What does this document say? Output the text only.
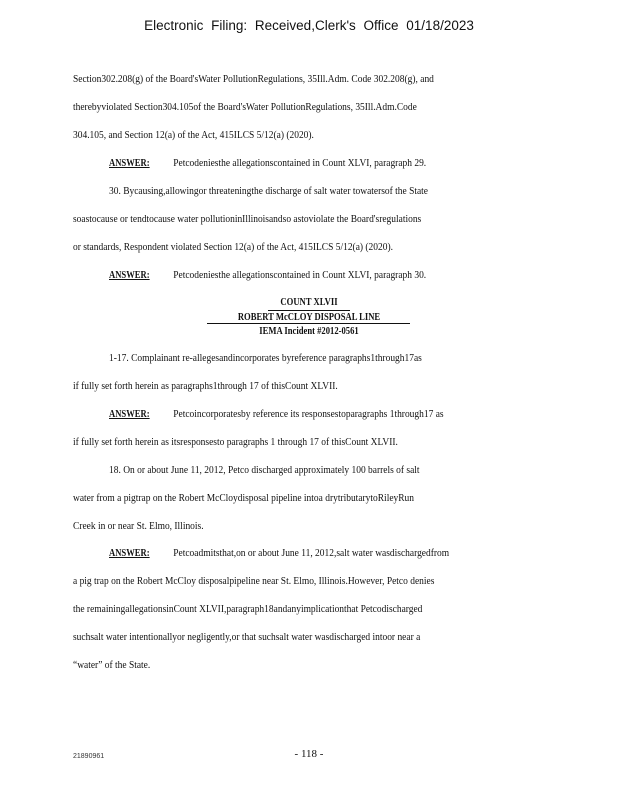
Electronic Filing: Received,Clerk's Office 01/18/2023
Section302.208(g) of the Board'sWater PollutionRegulations, 35Ill.Adm. Code 302.208(g), and
therebyviolated Section304.105of the Board'sWater PollutionRegulations, 35Ill.Adm.Code
304.105, and Section 12(a) of the Act, 415ILCS 5/12(a) (2020).
ANSWER: Petcodeniesthe allegationscontained in Count XLVI, paragraph 29.
30. Bycausing,allowingor threateningthe discharge of salt water towatersof the State
soastocause or tendtocause water pollutioninIllinoisandso astoviolate the Board'sregulations
or standards, Respondent violated Section 12(a) of the Act, 415ILCS 5/12(a) (2020).
ANSWER: Petcodeniesthe allegationscontained in Count XLVI, paragraph 30.
COUNT XLVII
ROBERT McCLOY DISPOSAL LINE
IEMA Incident #2012-0561
1-17. Complainant re-allegesandincorporates byreference paragraphs1through17as
if fully set forth herein as paragraphs1through 17 of thisCount XLVII.
ANSWER: Petcoincorporatesby reference its responsestoparagraphs 1through17 as
if fully set forth herein as itsresponsesto paragraphs 1 through 17 of thisCount XLVII.
18. On or about June 11, 2012, Petco discharged approximately 100 barrels of salt
water from a pigtrap on the Robert McCloydisposal pipeline intoa drytributarytoRileyRun
Creek in or near St. Elmo, Illinois.
ANSWER: Petcoadmitsthat,on or about June 11, 2012,salt water wasdischargedfrom
a pig trap on the Robert McCloy disposalpipeline near St. Elmo, Illinois.However, Petco denies
the remainingallegationsinCount XLVII,paragraph18andanyimplicationthat Petcodischarged
suchsalt water intentionallyor negligently,or that suchsalt water wasdischarged intoor near a
“water” of the State.
21890961	- 118 -
